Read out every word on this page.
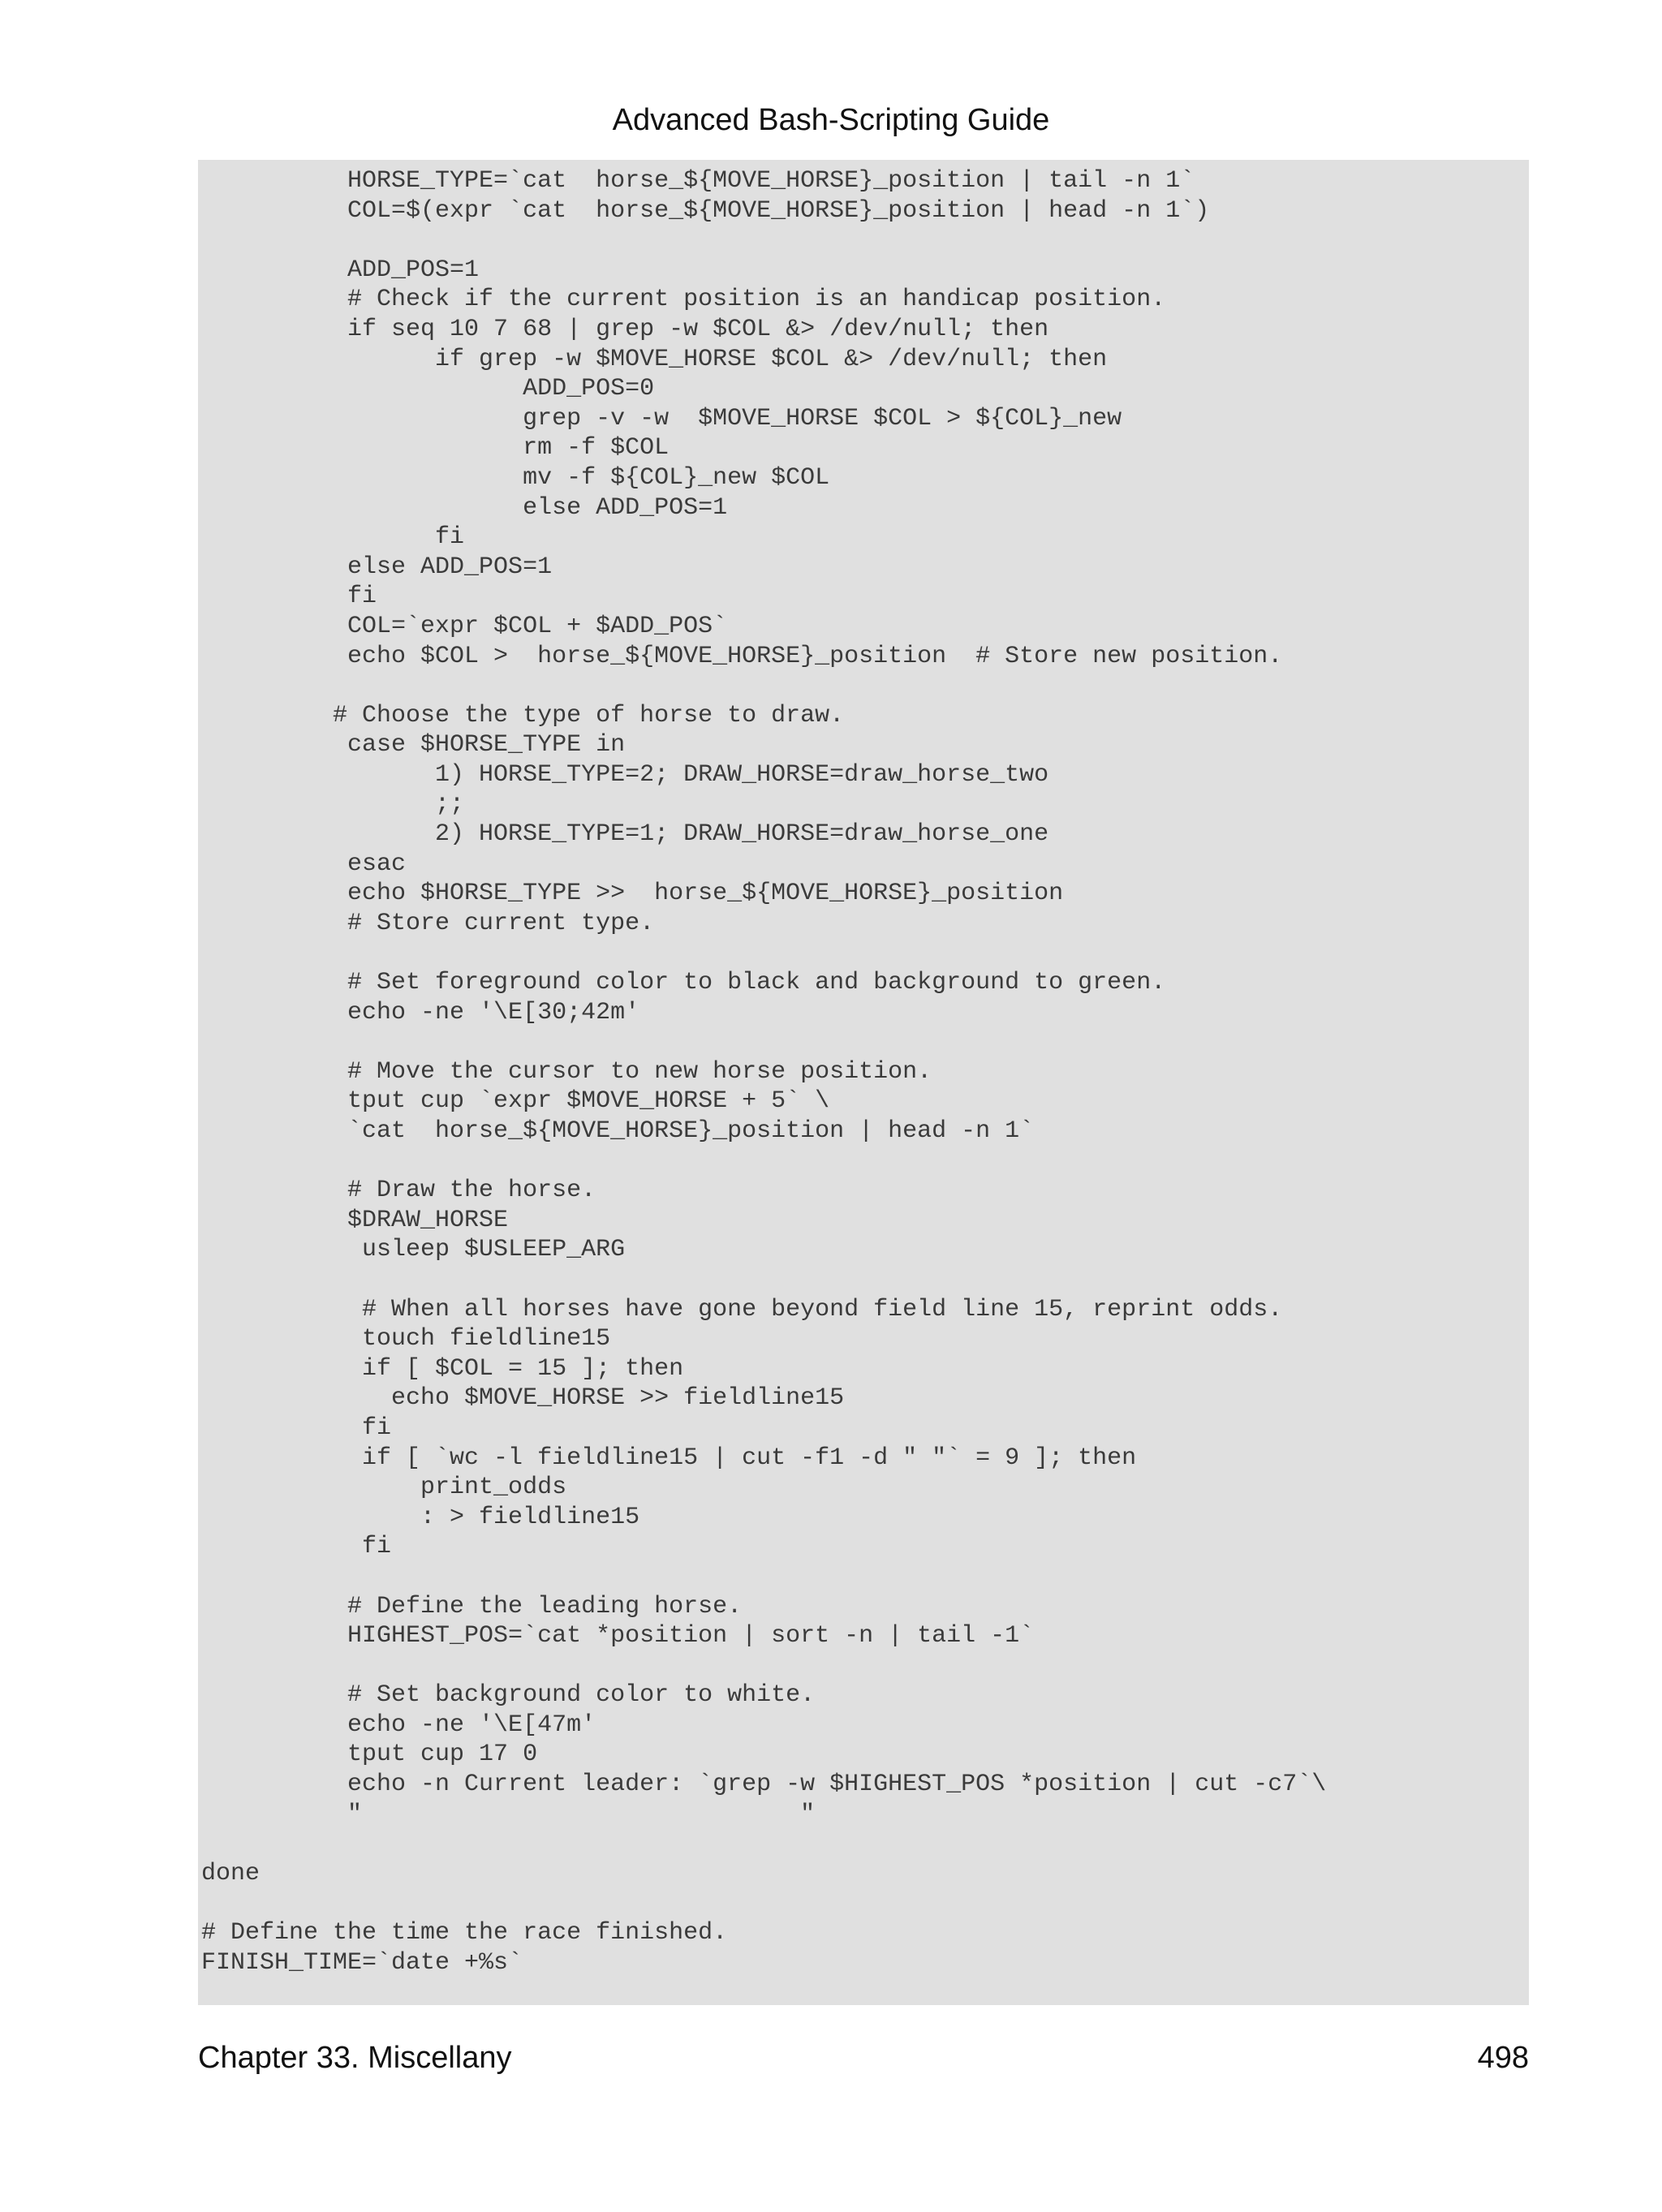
Advanced Bash-Scripting Guide
HORSE_TYPE=`cat  horse_${MOVE_HORSE}_position | tail -n 1`
COL=$(expr `cat  horse_${MOVE_HORSE}_position | head -n 1`)
ADD_POS=1
# Check if the current position is an handicap position.
if seq 10 7 68 | grep -w $COL &> /dev/null; then
if grep -w $MOVE_HORSE $COL &> /dev/null; then
ADD_POS=0
grep -v -w  $MOVE_HORSE $COL > ${COL}_new
rm -f $COL
mv -f ${COL}_new $COL
else ADD_POS=1
fi
else ADD_POS=1
fi
COL=`expr $COL + $ADD_POS`
echo $COL >  horse_${MOVE_HORSE}_position  # Store new position.
# Choose the type of horse to draw.
case $HORSE_TYPE in
1) HORSE_TYPE=2; DRAW_HORSE=draw_horse_two
;;
2) HORSE_TYPE=1; DRAW_HORSE=draw_horse_one
esac
echo $HORSE_TYPE >>  horse_${MOVE_HORSE}_position
# Store current type.
# Set foreground color to black and background to green.
echo -ne '\E[30;42m'
# Move the cursor to new horse position.
tput cup `expr $MOVE_HORSE + 5` \
`cat  horse_${MOVE_HORSE}_position | head -n 1`
# Draw the horse.
$DRAW_HORSE
usleep $USLEEP_ARG
# When all horses have gone beyond field line 15, reprint odds.
touch fieldline15
if [ $COL = 15 ]; then
echo $MOVE_HORSE >> fieldline15
fi
if [ `wc -l fieldline15 | cut -f1 -d " "` = 9 ]; then
print_odds
: > fieldline15
fi
# Define the leading horse.
HIGHEST_POS=`cat *position | sort -n | tail -1`
# Set background color to white.
echo -ne '\E[47m'
tput cup 17 0
echo -n Current leader: `grep -w $HIGHEST_POS *position | cut -c7`\
"                              "
done
# Define the time the race finished.
FINISH_TIME=`date +%s`
Chapter 33. Miscellany	498
